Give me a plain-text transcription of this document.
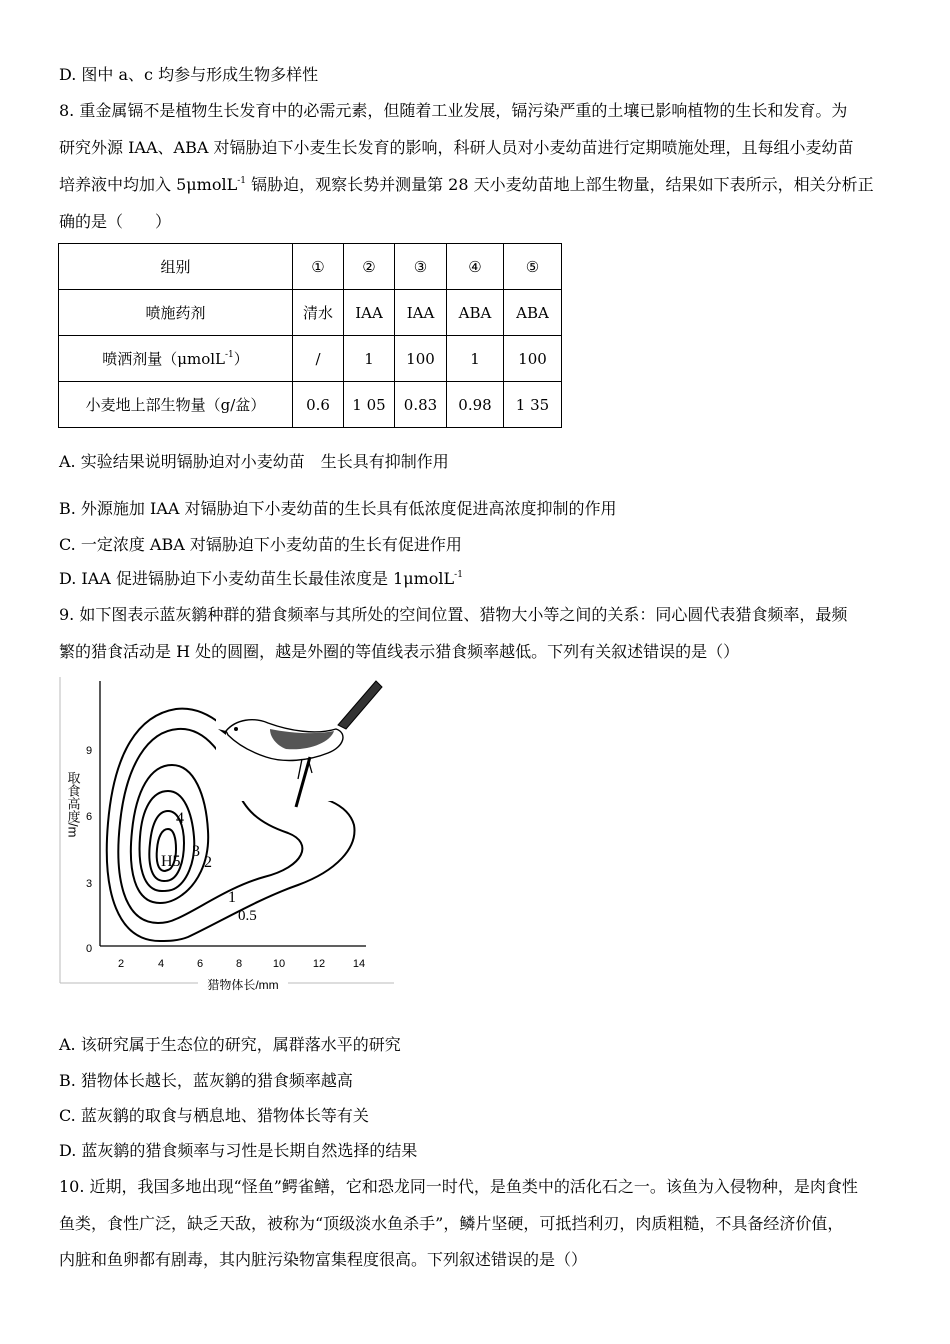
D. 图中 a、c 均参与形成生物多样性
8. 重金属镉不是植物生长发育中的必需元素，但随着工业发展，镉污染严重的土壤已影响植物的生长和发育。为
研究外源 IAA、ABA 对镉胁迫下小麦生长发育的影响，科研人员对小麦幼苗进行定期喷施处理，且每组小麦幼苗
培养液中均加入 5μmolL$^{-1}$ 镉胁迫，观察长势并测量第 28 天小麦幼苗地上部生物量，结果如下表所示，相关分析正
确的是（　　）
组别	①	②	③	④	⑤
喷施药剂	清水	IAA	IAA	ABA	ABA
喷洒剂量（μmolL$^{-1}$）	/	1	100	1	100
小麦地上部生物量（g/盆）	0.6	1 05	0.83	0.98	1 35
A. 实验结果说明镉胁迫对小麦幼苗　生长具有抑制作用
B. 外源施加 IAA 对镉胁迫下小麦幼苗的生长具有低浓度促进高浓度抑制的作用
C. 一定浓度 ABA 对镉胁迫下小麦幼苗的生长有促进作用
D. IAA 促进镉胁迫下小麦幼苗生长最佳浓度是 1μmolL$^{-1}$
9. 如下图表示蓝灰鹟种群的猎食频率与其所处的空间位置、猎物大小等之间的关系：同心圆代表猎食频率，最频
繁的猎食活动是 H 处的圆圈，越是外圈的等值线表示猎食频率越低。下列有关叙述错误的是（）
2	4	6	8	10	12	14
0
3
6
9
取食高度/m
猎物体长/mm
H5
4
3
2
1
0.5
A. 该研究属于生态位的研究，属群落水平的研究
B. 猎物体长越长，蓝灰鹟的猎食频率越高
C. 蓝灰鹟的取食与栖息地、猎物体长等有关
D. 蓝灰鹟的猎食频率与习性是长期自然选择的结果
10. 近期，我国多地出现“怪鱼”鳄雀鳝，它和恐龙同一时代，是鱼类中的活化石之一。该鱼为入侵物种，是肉食性
鱼类，食性广泛，缺乏天敌，被称为“顶级淡水鱼杀手”，鳞片坚硬，可抵挡利刃，肉质粗糙，不具备经济价值，
内脏和鱼卵都有剧毒，其内脏污染物富集程度很高。下列叙述错误的是（）
